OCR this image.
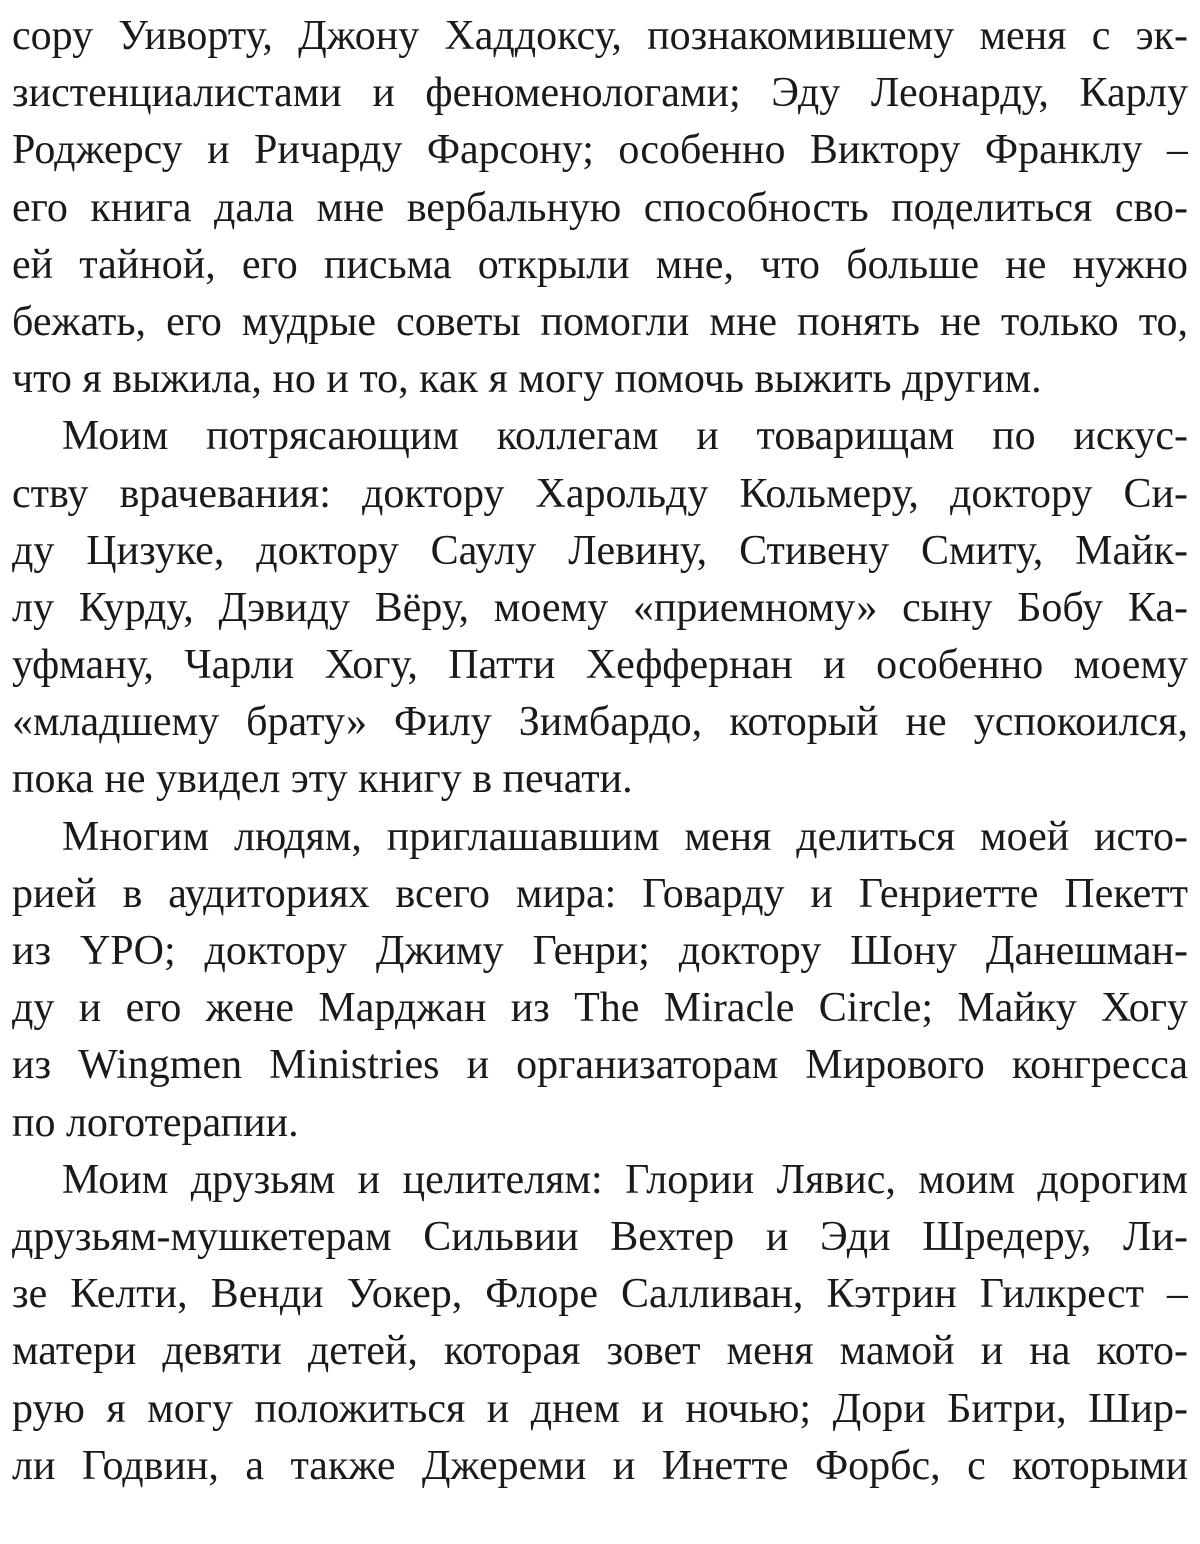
сору Уиворту, Джону Хаддоксу, познакомившему меня с эк-
зистенциалистами и феноменологами; Эду Леонарду, Карлу
Роджерсу и Ричарду Фарсону; особенно Виктору Франклу –
его книга дала мне вербальную способность поделиться сво-
ей тайной, его письма открыли мне, что больше не нужно
бежать, его мудрые советы помогли мне понять не только то,
что я выжила, но и то, как я могу помочь выжить другим.
Моим потрясающим коллегам и товарищам по искус-
ству врачевания: доктору Харольду Кольмеру, доктору Си-
ду Цизуке, доктору Саулу Левину, Стивену Смиту, Майк-
лу Курду, Дэвиду Вёру, моему «приемному» сыну Бобу Ка-
уфману, Чарли Хогу, Патти Хеффернан и особенно моему
«младшему брату» Филу Зимбардо, который не успокоился,
пока не увидел эту книгу в печати.
Многим людям, приглашавшим меня делиться моей исто-
рией в аудиториях всего мира: Говарду и Генриетте Пекетт
из YPO; доктору Джиму Генри; доктору Шону Данешман-
ду и его жене Марджан из The Miracle Circle; Майку Хогу
из Wingmen Ministries и организаторам Мирового конгресса
по логотерапии.
Моим друзьям и целителям: Глории Лявис, моим дорогим
друзьям-мушкетерам Сильвии Вехтер и Эди Шредеру, Ли-
зе Келти, Венди Уокер, Флоре Салливан, Кэтрин Гилкрест –
матери девяти детей, которая зовет меня мамой и на кото-
рую я могу положиться и днем и ночью; Дори Битри, Шир-
ли Годвин, а также Джереми и Инетте Форбс, с которыми
